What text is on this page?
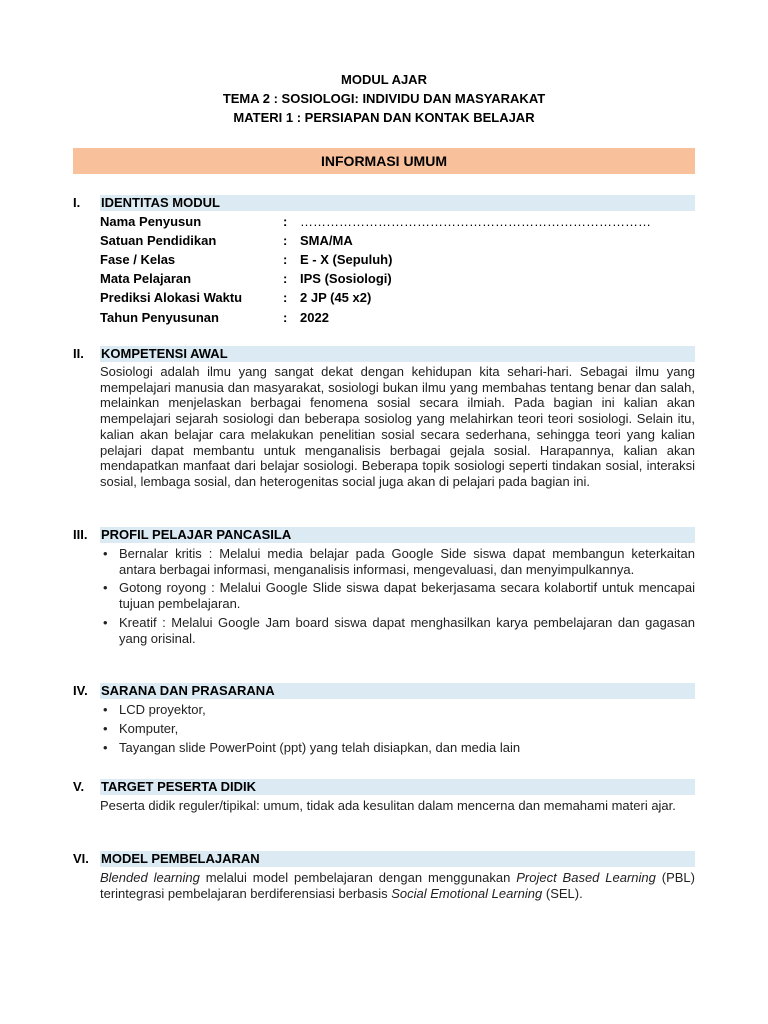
MODUL AJAR
TEMA 2 : SOSIOLOGI: INDIVIDU DAN MASYARAKAT
MATERI 1 : PERSIAPAN DAN KONTAK BELAJAR
INFORMASI UMUM
I. IDENTITAS MODUL
Nama Penyusun	: ………………………………………………………………………
Satuan Pendidikan	: SMA/MA
Fase / Kelas	: E - X (Sepuluh)
Mata Pelajaran	: IPS (Sosiologi)
Prediksi Alokasi Waktu	: 2 JP (45 x2)
Tahun Penyusunan	: 2022
II. KOMPETENSI AWAL
Sosiologi adalah ilmu yang sangat dekat dengan kehidupan kita sehari-hari. Sebagai ilmu yang mempelajari manusia dan masyarakat, sosiologi bukan ilmu yang membahas tentang benar dan salah, melainkan menjelaskan berbagai fenomena sosial secara ilmiah. Pada bagian ini kalian akan mempelajari sejarah sosiologi dan beberapa sosiolog yang melahirkan teori teori sosiologi. Selain itu, kalian akan belajar cara melakukan penelitian sosial secara sederhana, sehingga teori yang kalian pelajari dapat membantu untuk menganalisis berbagai gejala sosial. Harapannya, kalian akan mendapatkan manfaat dari belajar sosiologi. Beberapa topik sosiologi seperti tindakan sosial, interaksi sosial, lembaga sosial, dan heterogenitas social juga akan di pelajari pada bagian ini.
III. PROFIL PELAJAR PANCASILA
• Bernalar kritis : Melalui media belajar pada Google Side siswa dapat membangun keterkaitan antara berbagai informasi, menganalisis informasi, mengevaluasi, dan menyimpulkannya.
• Gotong royong : Melalui Google Slide siswa dapat bekerjasama secara kolabortif untuk mencapai tujuan pembelajaran.
• Kreatif : Melalui Google Jam board siswa dapat menghasilkan karya pembelajaran dan gagasan yang orisinal.
IV. SARANA DAN PRASARANA
• LCD proyektor,
• Komputer,
• Tayangan slide PowerPoint (ppt) yang telah disiapkan, dan media lain
V. TARGET PESERTA DIDIK
Peserta didik reguler/tipikal: umum, tidak ada kesulitan dalam mencerna dan memahami materi ajar.
VI. MODEL PEMBELAJARAN
Blended learning melalui model pembelajaran dengan menggunakan Project Based Learning (PBL) terintegrasi pembelajaran berdiferensiasi berbasis Social Emotional Learning (SEL).
